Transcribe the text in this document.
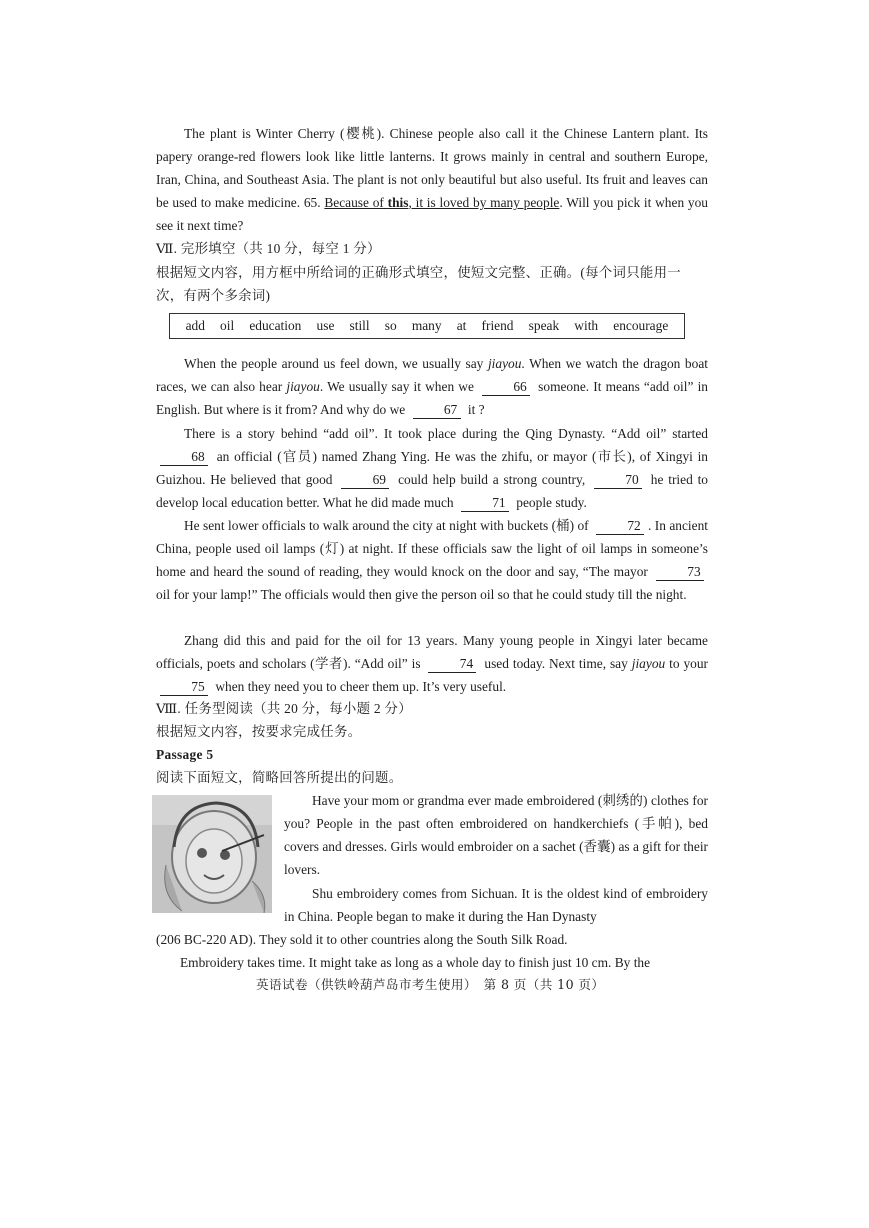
The plant is Winter Cherry (樱桃). Chinese people also call it the Chinese Lantern plant. Its papery orange-red flowers look like little lanterns. It grows mainly in central and southern Europe, Iran, China, and Southeast Asia. The plant is not only beautiful but also useful. Its fruit and leaves can be used to make medicine. 65. Because of this, it is loved by many people. Will you pick it when you see it next time?

Ⅶ. 完形填空（共 10 分，每空 1 分）

根据短文内容，用方框中所给词的正确形式填空，使短文完整、正确。(每个词只能用一
次，有两个多余词)

add oil education use still so many at friend speak with encourage

When the people around us feel down, we usually say jiayou. When we watch the dragon boat races, we can also hear jiayou. We usually say it when we	66 someone. It means “add oil” in English. But where is it from? And why do we	67 it ?

There is a story behind “add oil”. It took place during the Qing Dynasty. “Add oil” started 68 an official (官员) named Zhang Ying. He was the zhifu, or mayor (市长), of Xingyi in Guizhou. He believed that good	69 could help build a strong country,	70 he tried to develop local education better. What he did made much	71 people study.

He sent lower officials to walk around the city at night with buckets (桶) of	72 . In ancient China, people used oil lamps (灯) at night. If these officials saw the light of oil lamps in someone’s home and heard the sound of reading, they would knock on the door and say, “The mayor	73 oil for your lamp!” The officials would then give the person oil so that he could study till the night.

Zhang did this and paid for the oil for 13 years. Many young people in Xingyi later became officials, poets and scholars (学者). “Add oil” is	74 used today. Next time, say jiayou to your 75 when they need you to cheer them up. It’s very useful.

Ⅷ. 任务型阅读（共 20 分，每小题 2 分）

根据短文内容，按要求完成任务。

Passage 5

阅读下面短文，简略回答所提出的问题。

Have your mom or grandma ever made embroidered (刺绣的) clothes for you? People in the past often embroidered on handkerchiefs (手帕), bed covers and dresses. Girls would embroider on a sachet (香囊) as a gift for their lovers.

Shu embroidery comes from Sichuan. It is the oldest kind of embroidery in China. People began to make it during the Han Dynasty

(206 BC-220 AD). They sold it to other countries along the South Silk Road.

Embroidery takes time. It might take as long as a whole day to finish just 10 cm. By the

英语试卷（供铁岭葫芦岛市考生使用）　第 8 页（共 10 页）
